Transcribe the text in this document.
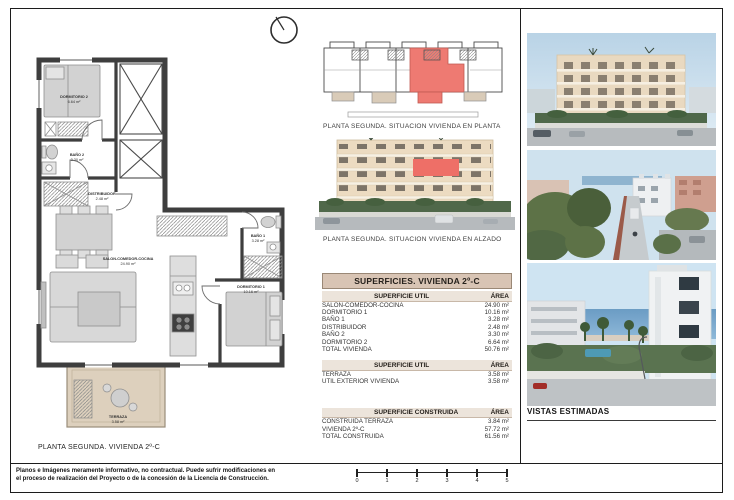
DORMITORIO 2
6.64 m²
BAÑO 2
3.30 m²
DISTRIBUIDOR
2.48 m²
SALON-COMEDOR-COCINA
24.90 m²
DORMITORIO 1
10.16 m²
BAÑO 1
3.28 m²
TERRAZA
3.58 m²
PLANTA SEGUNDA. SITUACION VIVIENDA EN PLANTA
PLANTA SEGUNDA. SITUACION VIVIENDA EN ALZADO
SUPERFICIES. VIVIENDA 2º-C
SUPERFICIE UTIL	ÁREA
SALON-COMEDOR-COCINA	24.90 m²
DORMITORIO 1	10.16 m²
BAÑO 1	3.28 m²
DISTRIBUIDOR	2.48 m²
BAÑO 2	3.30 m²
DORMITORIO 2	6.64 m²
TOTAL VIVIENDA	50.76 m²
SUPERFICIE UTIL	ÁREA
TERRAZA	3.58 m²
UTIL EXTERIOR VIVIENDA	3.58 m²
SUPERFICIE CONSTRUIDA	ÁREA
CONSTRUIDA TERRAZA	3.84 m²
VIVIENDA 2º-C	57.72 m²
TOTAL CONSTRUIDA	61.56 m²
VISTAS ESTIMADAS
PLANTA SEGUNDA. VIVIENDA 2º-C
Planos e Imágenes meramente informativo, no contractual. Puede sufrir modificaciones en
el proceso de realización del Proyecto o de la concesión de la Licencia de Construcción.	0	1	2	3	4	5
